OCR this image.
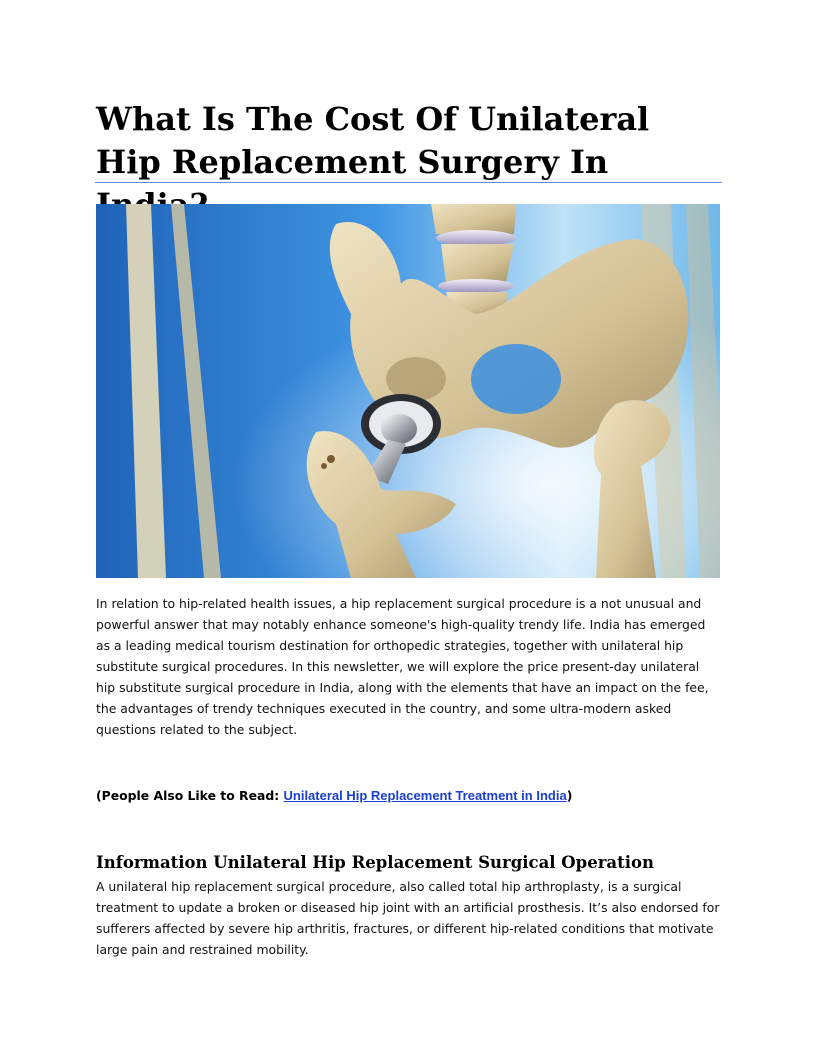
What Is The Cost Of Unilateral Hip Replacement Surgery In

In relation to hip-related health issues, a hip replacement surgical procedure is a not unusual and powerful answer that may notably enhance someone's high-quality trendy life. India has emerged as a leading medical tourism destination for orthopedic strategies, together with unilateral hip substitute surgical procedures. In this newsletter, we will explore the price present-day unilateral hip substitute surgical procedure in India, along with the elements that have an impact on the fee, the advantages of trendy techniques executed in the country, and some ultra-modern asked questions related to the subject.

(People Also Like to Read: Unilateral Hip Replacement Treatment in India)

Information Unilateral Hip Replacement Surgical Operation

A unilateral hip replacement surgical procedure, also called total hip arthroplasty, is a surgical treatment to update a broken or diseased hip joint with an artificial prosthesis. It’s also endorsed for sufferers affected by severe hip arthritis, fractures, or different hip-related conditions that motivate large pain and restrained mobility.
